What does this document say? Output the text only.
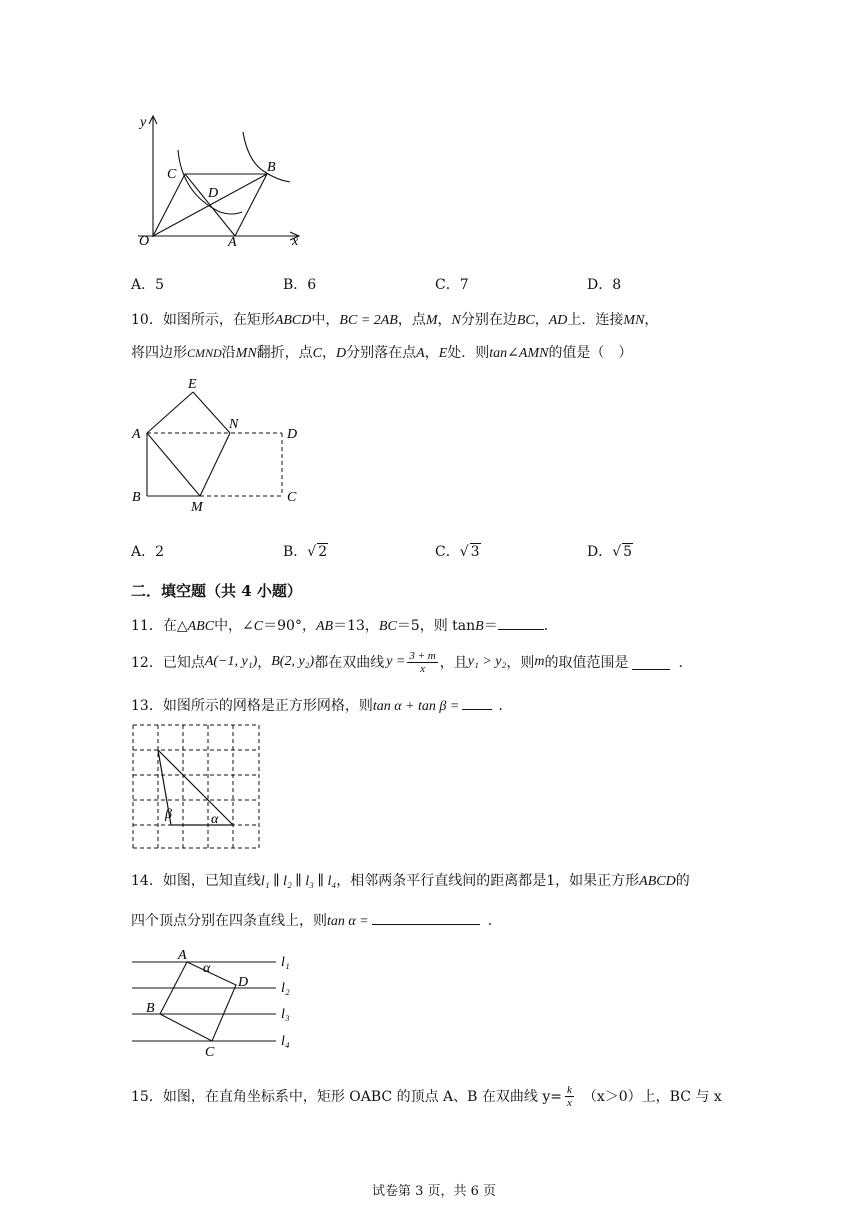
y
x
O	A
B
C
D
A．5	B．6	C．7	D．8
10．如图所示，在矩形ABCD中，BC = 2AB，点M，N分别在边BC，AD上．连接MN，
将四边形CMND沿MN翻折，点C，D分别落在点A，E处．则tan∠AMN的值是（　）
E
A
N
D
B
M
C
A．2	B．√ 2	C．√ 3	D．√ 5
二．填空题（共 4 小题）
11．在△ABC中，∠C＝90°，AB＝13，BC＝5，则 tanB＝	．
12． 已知点 A(−1, y₁) ， B(2, y₂) 都在双曲线 $y = \frac{3 + m}{x}$ ，且 y₁ > y₂ ，则 m 的取值范围是	．
13．如图所示的网格是正方形网格，则tan α + tan β =	．
β	α
14．如图，已知直线l₁ ∥ l₂ ∥ l₃ ∥ l₄，相邻两条平行直线间的距离都是1，如果正方形ABCD的
四个顶点分别在四条直线上，则tan α =	．
A
α
D
B
C
l₁
l₂
l₃
l₄
15． 如图，在直角坐标系中，矩形 OABC 的顶点 A、B 在双曲线 $y= \frac{k}{x} (x>0)$上，BC 与 x
试卷第 3 页，共 6 页
